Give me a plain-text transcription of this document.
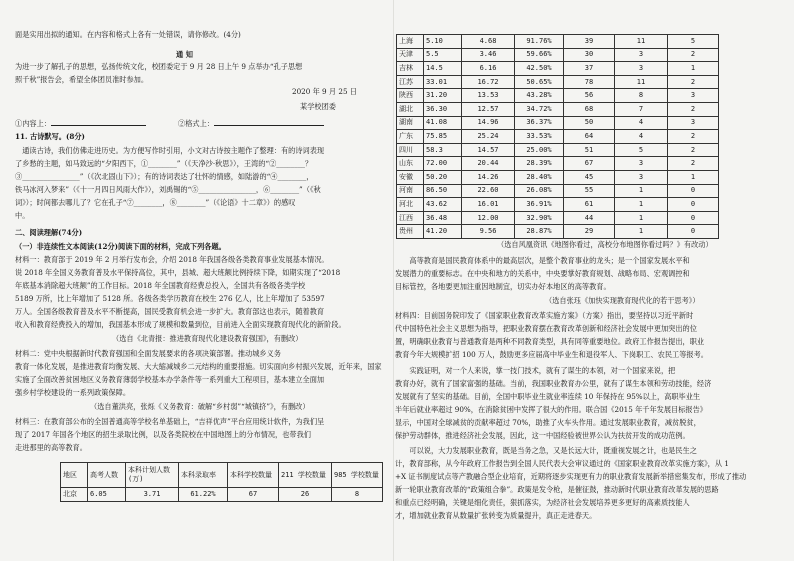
面是实用出拟的通知。在内容和格式上各有一处错误，请你修改。(4分)
通 知
为进一步了解孔子的思想，弘扬传统文化，校团委定于 9 月 28 日上午 9 点举办“孔子思想
照千秋”报告会，希望全体团员准时参加。
2020 年 9 月 25 日
某学校团委
①内容上：	②格式上：
11. 古诗默写。(8分)
　通读古诗，我们仿佛走进历史。为方便写作时引用，小文对古诗按主题作了整理：有的诗词表现
了乡愁的主题，如马致远的“夕阳西下，①________”（《天净沙·秋思》），王湾的“②________？
③________________”（《次北固山下》）；有的诗词表达了壮怀的情感，如陆游的“④________，
铁马冰河入梦来”（《十一月四日风雨大作》），刘禹锡的“⑤________________，⑥________”（《秋
词》）；时间都去哪儿了？它在孔子“⑦________，⑧________”（《论语》十二章》）的感叹
中。
二、阅读理解(74分)
（一）非连续性文本阅读(12分)阅读下面的材料，完成下列各题。
材料一：教育部于 2019 年 2 月举行发布会，介绍 2018 年我国各级各类教育事业发展基本情况。
说 2018 年全国义务教育普及水平保持高位，其中，县城、超大班额比例持续下降，如期实现了“2018
年底基本消除超大班额”的工作目标。2018 年全国教育经费总投入，全国共有各级各类学校
5189 万所，比上年增加了 5128 所。各级各类学历教育在校生 276 亿人，比上年增加了 53597
万人。全国各级教育普及水平不断提高，国民受教育机会进一步扩大。教育部这也表示，随着教育
收入和教育经费投入的增加，我国基本形成了规模和数量到位，目前进入全面实现教育现代化的新阶段。
（选自《北青报：推进教育现代化建设教育强国》，有删改）
材料二：党中央根据新时代教育强国和全面发展要求的各项决策部署。推动城乡义务
教育一体化发展，是推进教育均衡发展、大大缩减城乡二元结构的重要措施。切实面向乡村振兴发展，近年来，国家
实施了全面改善贫困地区义务教育薄弱学校基本办学条件等一系列重大工程项目，基本建立全面加
强乡村学校建设的一系列政策保障。
（选自董洪亮，张烁《义务教育：破解“乡村弱”“城镇挤”》，有删改）
材料三：在教育部公布的全国普通高等学校名单基础上，“吉祥优声”平台应用统计软件，为我们呈
现了 2017 年国各个地区的招生录取比例，以及各类院校在中国地图上的分布情况，也带我们
走进那里的高等教育。
地区	高考人数	本科计划人数(万)	本科录取率	本科学校数量	211 学校数量	985 学校数量
北京	6.05	3.71	61.22%	67	26	8
上海	5.10	4.68	91.76%	39	11	5
天津	5.5	3.46	59.66%	30	3	2
吉林	14.5	6.16	42.50%	37	3	1
江苏	33.01	16.72	50.65%	78	11	2
陕西	31.20	13.53	43.28%	56	8	3
湖北	36.30	12.57	34.72%	68	7	2
湖南	41.08	14.96	36.37%	50	4	3
广东	75.85	25.24	33.53%	64	4	2
四川	58.3	14.57	25.00%	51	5	2
山东	72.00	20.44	28.39%	67	3	2
安徽	50.20	14.26	28.40%	45	3	1
河南	86.50	22.60	26.08%	55	1	0
河北	43.62	16.01	36.91%	61	1	0
江西	36.48	12.00	32.90%	44	1	0
贵州	41.20	9.56	28.87%	29	1	0
（选自风凰资讯《地图你看过，高校分布地图你看过吗？》有改动）
　　高等教育是国民教育体系中的最高层次，是整个教育事业的龙头；是一个国家发展水平和
发展潜力的重要标志。在中央和地方的关系中，中央要掌好教育规划、战略布局、宏观调控和
目标管控，各地要更加注重因地制宜，切实办好本地区的高等教育。
（选自张珏《加快实现教育现代化的若干思考》）
材料四：目前国务院印发了《国家职业教育改革实施方案》（方案）指出，要坚持以习近平新时
代中国特色社会主义思想为指导，把职业教育摆在教育改革创新和经济社会发展中更加突出的位
置，明确职业教育与普通教育是两种不同教育类型，具有同等重要地位。政府工作报告提出，职业
教育今年大规模扩招 100 万人，鼓励更多应届高中毕业生和退役军人、下岗职工、农民工等报考。
　　实践证明，对一个人来说，掌一技门技术，就有了谋生的本领，对一个国家来说，把
教育办好，就有了国家富强的基础。当前，我国职业教育办公里，就有了谋生本领和劳动技能，经济
发展就有了坚实的基础。目前，全国中职毕业生就业率连续 10 年保持在 95%以上，高职毕业生
半年后就业率超过 90%，在消除贫困中发挥了很大的作用。联合国《2015 年千年发展目标报告》
显示，中国对全球减贫的贡献率超过 70%，助推了火车头作用。通过发展职业教育，减贫脱贫，
保护劳动群体，推进经济社会发展，因此，这一中国经验被世界公认为扶贫开发的成功范例。
　　可以说，大力发展职业教育，既是当务之急，又是长远大计，既重视发展之计，也是民生之
计，教育部称，从今年政府工作报告到全国人民代表大会审议通过的《国家职业教育改革实施方案》，从 1
+X 证书制度试点等产教融合型企业培育，近期将逐步实现更有力的职业教育发展新举措密集发布，形成了推动
新一轮职业教育改革的“政策组合拳”。政策是发令枪，是催征鼓，推动新时代职业教育改革发展的思路
和重点已经明确，关键是细化责任，狠抓落实，为经济社会发展培养更多更好的高素质技能人
才，增加就业教育从数量扩张转变为质量提升，真正走进春天。
